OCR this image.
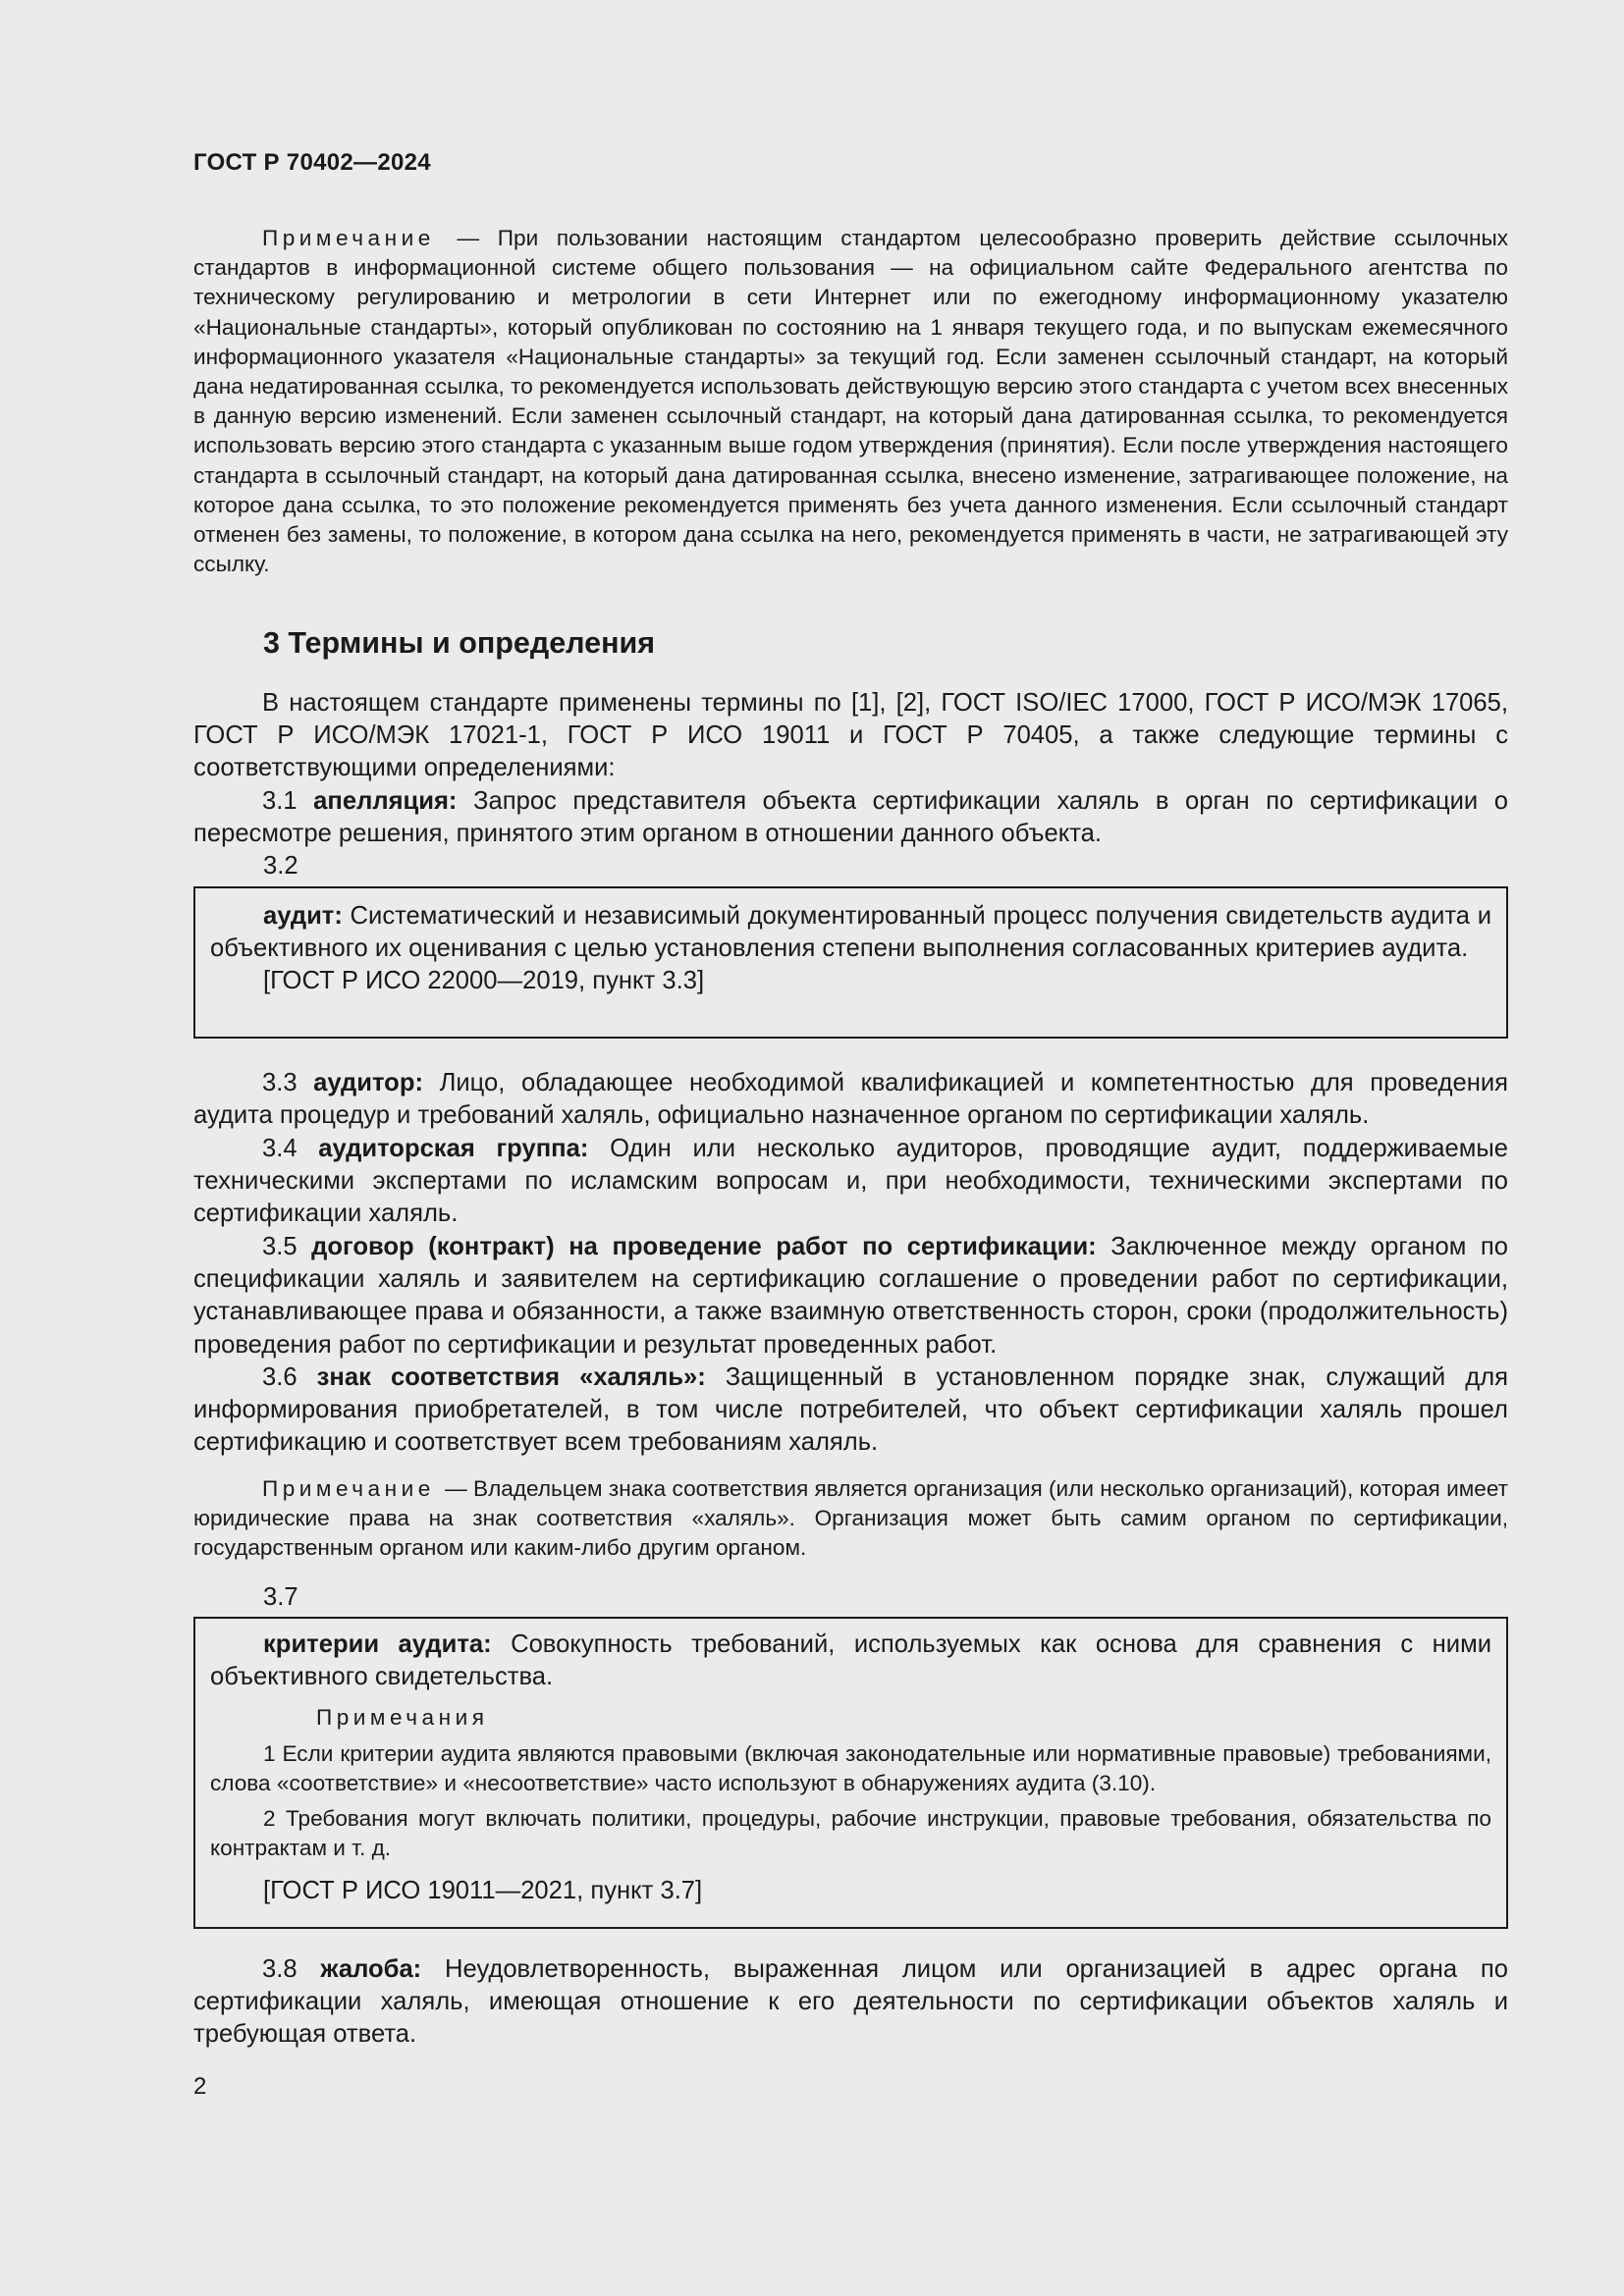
ГОСТ Р 70402—2024
Примечание — При пользовании настоящим стандартом целесообразно проверить действие ссылочных стандартов в информационной системе общего пользования — на официальном сайте Федерального агентства по техническому регулированию и метрологии в сети Интернет или по ежегодному информационному указателю «Национальные стандарты», который опубликован по состоянию на 1 января текущего года, и по выпускам ежемесячного информационного указателя «Национальные стандарты» за текущий год. Если заменен ссылочный стандарт, на который дана недатированная ссылка, то рекомендуется использовать действующую версию этого стандарта с учетом всех внесенных в данную версию изменений. Если заменен ссылочный стандарт, на который дана датированная ссылка, то рекомендуется использовать версию этого стандарта с указанным выше годом утверждения (принятия). Если после утверждения настоящего стандарта в ссылочный стандарт, на который дана датированная ссылка, внесено изменение, затрагивающее положение, на которое дана ссылка, то это положение рекомендуется применять без учета данного изменения. Если ссылочный стандарт отменен без замены, то положение, в котором дана ссылка на него, рекомендуется применять в части, не затрагивающей эту ссылку.
3 Термины и определения
В настоящем стандарте применены термины по [1], [2], ГОСТ ISO/IEC 17000, ГОСТ Р ИСО/МЭК 17065, ГОСТ Р ИСО/МЭК 17021-1, ГОСТ Р ИСО 19011 и ГОСТ Р 70405, а также следующие термины с соответствующими определениями:
3.1 апелляция: Запрос представителя объекта сертификации халяль в орган по сертификации о пересмотре решения, принятого этим органом в отношении данного объекта.
3.2
аудит: Систематический и независимый документированный процесс получения свидетельств аудита и объективного их оценивания с целью установления степени выполнения согласованных критериев аудита.
[ГОСТ Р ИСО 22000—2019, пункт 3.3]
3.3 аудитор: Лицо, обладающее необходимой квалификацией и компетентностью для проведения аудита процедур и требований халяль, официально назначенное органом по сертификации халяль.
3.4 аудиторская группа: Один или несколько аудиторов, проводящие аудит, поддерживаемые техническими экспертами по исламским вопросам и, при необходимости, техническими экспертами по сертификации халяль.
3.5 договор (контракт) на проведение работ по сертификации: Заключенное между органом по спецификации халяль и заявителем на сертификацию соглашение о проведении работ по сертификации, устанавливающее права и обязанности, а также взаимную ответственность сторон, сроки (продолжительность) проведения работ по сертификации и результат проведенных работ.
3.6 знак соответствия «халяль»: Защищенный в установленном порядке знак, служащий для информирования приобретателей, в том числе потребителей, что объект сертификации халяль прошел сертификацию и соответствует всем требованиям халяль.
Примечание — Владельцем знака соответствия является организация (или несколько организаций), которая имеет юридические права на знак соответствия «халяль». Организация может быть самим органом по сертификации, государственным органом или каким-либо другим органом.
3.7
критерии аудита: Совокупность требований, используемых как основа для сравнения с ними объективного свидетельства.
Примечания
1 Если критерии аудита являются правовыми (включая законодательные или нормативные правовые) требованиями, слова «соответствие» и «несоответствие» часто используют в обнаружениях аудита (3.10).
2 Требования могут включать политики, процедуры, рабочие инструкции, правовые требования, обязательства по контрактам и т. д.
[ГОСТ Р ИСО 19011—2021, пункт 3.7]
3.8 жалоба: Неудовлетворенность, выраженная лицом или организацией в адрес органа по сертификации халяль, имеющая отношение к его деятельности по сертификации объектов халяль и требующая ответа.
2
